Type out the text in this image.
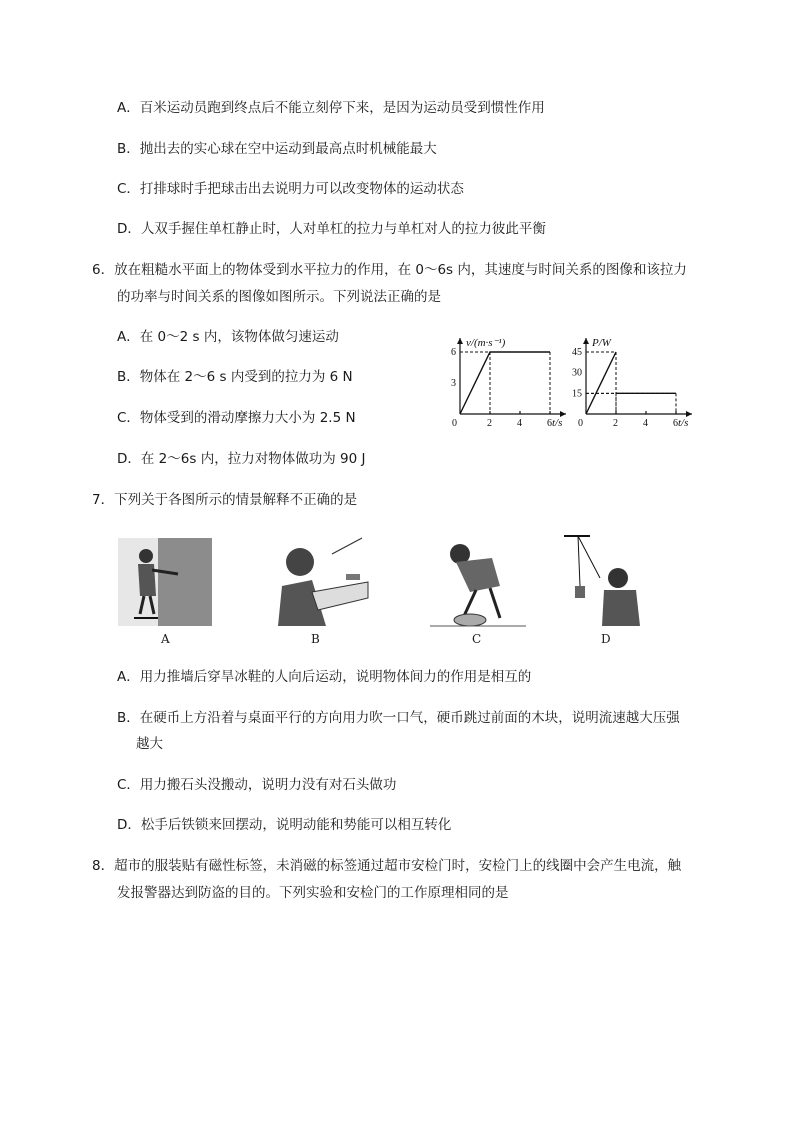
A．百米运动员跑到终点后不能立刻停下来，是因为运动员受到惯性作用
B．抛出去的实心球在空中运动到最高点时机械能最大
C．打排球时手把球击出去说明力可以改变物体的运动状态
D．人双手握住单杠静止时，人对单杠的拉力与单杠对人的拉力彼此平衡
6．放在粗糙水平面上的物体受到水平拉力的作用，在 0～6s 内，其速度与时间关系的图像和该拉力
的功率与时间关系的图像如图所示。下列说法正确的是
A．在 0～2 s 内，该物体做匀速运动
B．物体在 2～6 s 内受到的拉力为 6 N
C．物体受到的滑动摩擦力大小为 2.5 N
D．在 2～6s 内，拉力对物体做功为 90 J
v/(m·s⁻¹)
t/s
0	2	4	6
3
6
P/W
t/s
0	2	4	6
15
30
45
7．下列关于各图所示的情景解释不正确的是
A	B	C	D
A．用力推墙后穿旱冰鞋的人向后运动，说明物体间力的作用是相互的
B．在硬币上方沿着与桌面平行的方向用力吹一口气，硬币跳过前面的木块，说明流速越大压强
越大
C．用力搬石头没搬动，说明力没有对石头做功
D．松手后铁锁来回摆动，说明动能和势能可以相互转化
8．超市的服装贴有磁性标签，未消磁的标签通过超市安检门时，安检门上的线圈中会产生电流，触
发报警器达到防盗的目的。下列实验和安检门的工作原理相同的是
